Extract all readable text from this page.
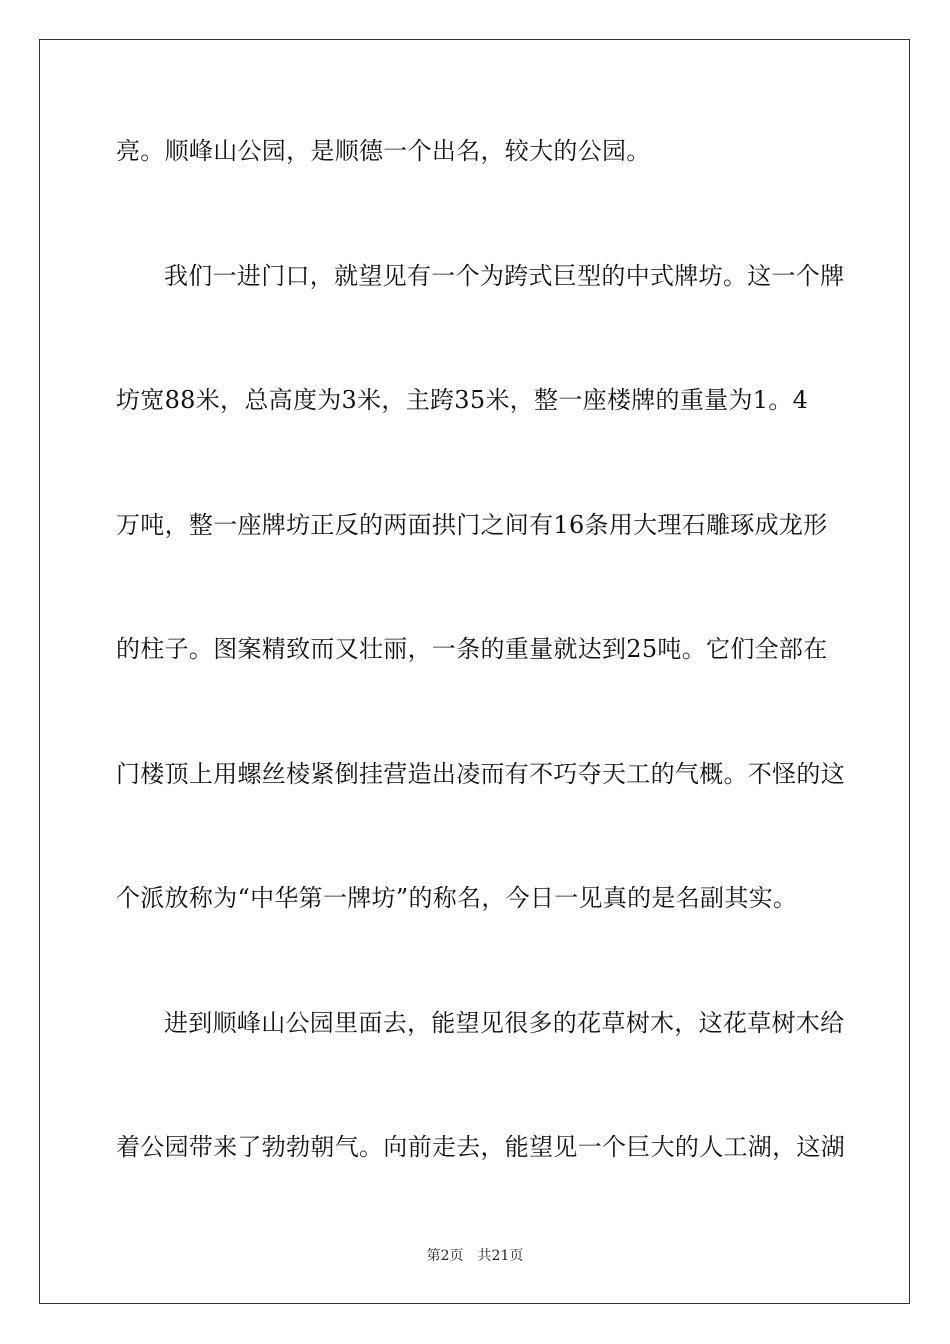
亮。顺峰山公园，是顺德一个出名，较大的公园。
我们一进门口，就望见有一个为跨式巨型的中式牌坊。这一个牌
坊宽88米，总高度为3米，主跨35米，整一座楼牌的重量为1。4
万吨，整一座牌坊正反的两面拱门之间有16条用大理石雕琢成龙形
的柱子。图案精致而又壮丽，一条的重量就达到25吨。它们全部在
门楼顶上用螺丝棱紧倒挂营造出凌而有不巧夺天工的气概。不怪的这
个派放称为“中华第一牌坊”的称名，今日一见真的是名副其实。
进到顺峰山公园里面去，能望见很多的花草树木，这花草树木给
着公园带来了勃勃朝气。向前走去，能望见一个巨大的人工湖，这湖
第2页 共21页
